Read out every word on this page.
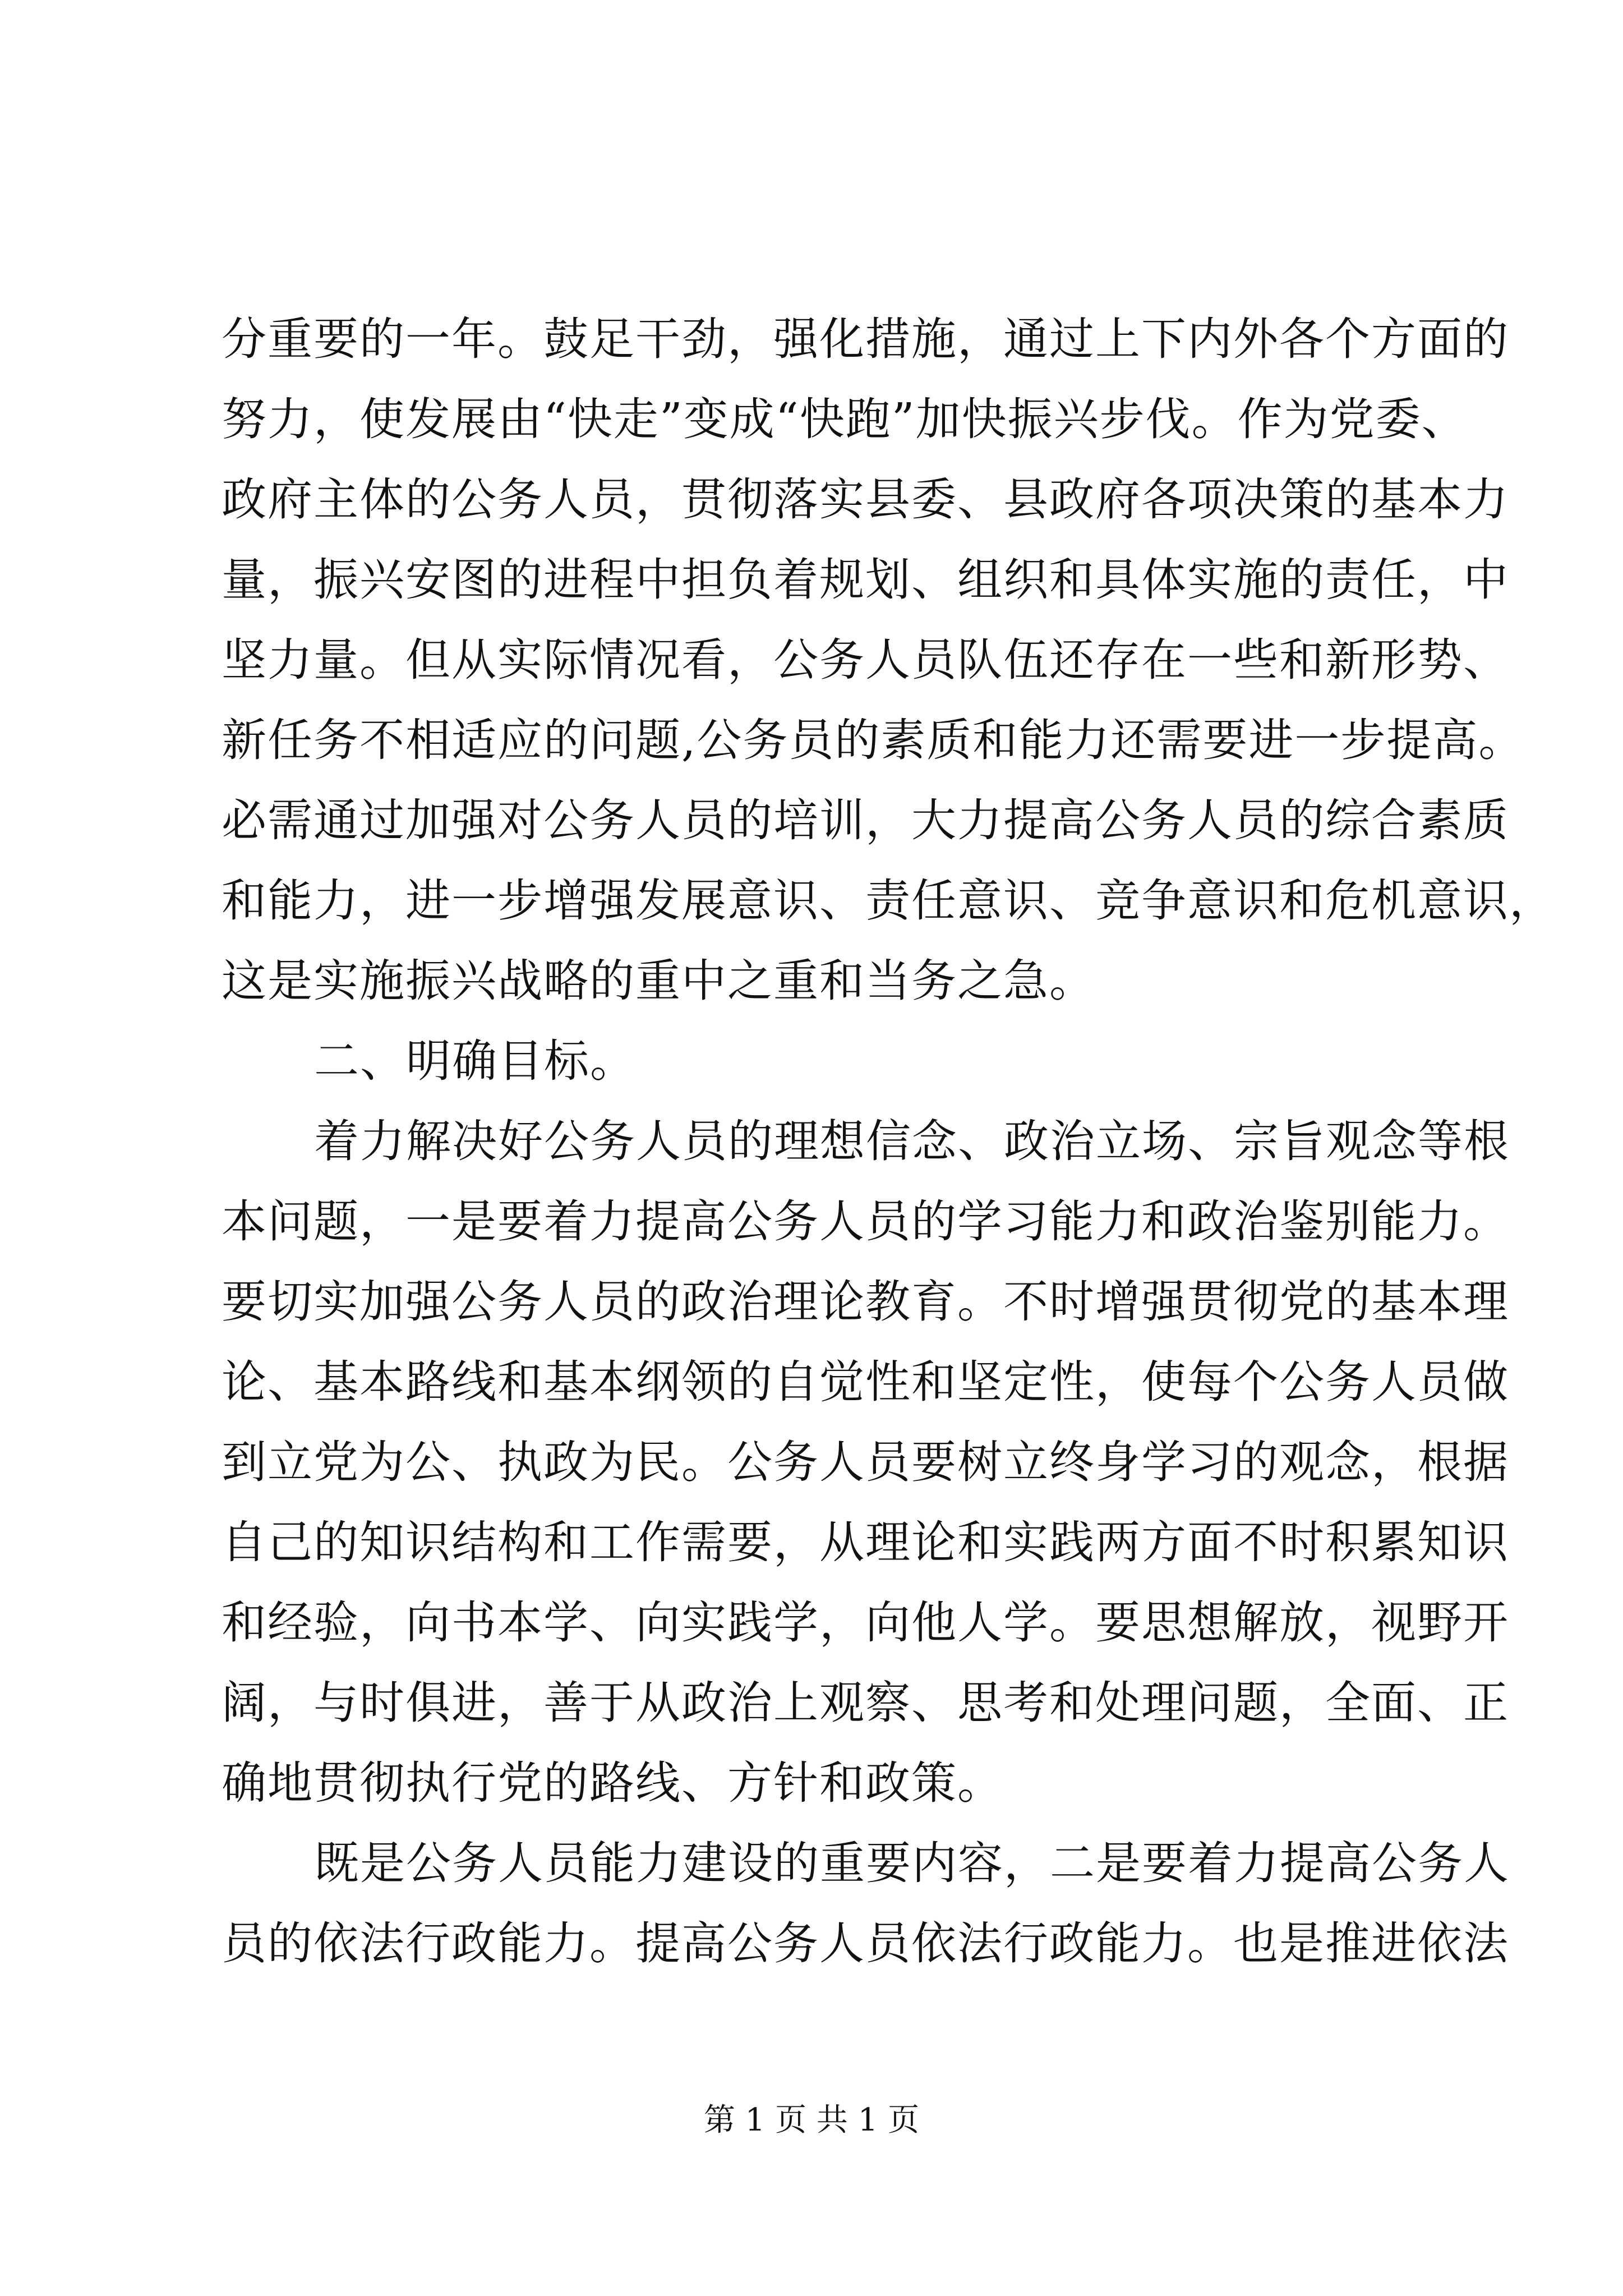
分重要的一年。鼓足干劲，强化措施，通过上下内外各个方面的
努力，使发展由“快走”变成“快跑”加快振兴步伐。作为党委、
政府主体的公务人员，贯彻落实县委、县政府各项决策的基本力
量，振兴安图的进程中担负着规划、组织和具体实施的责任，中
坚力量。但从实际情况看，公务人员队伍还存在一些和新形势、
新任务不相适应的问题,公务员的素质和能力还需要进一步提高。
必需通过加强对公务人员的培训，大力提高公务人员的综合素质
和能力，进一步增强发展意识、责任意识、竞争意识和危机意识，
这是实施振兴战略的重中之重和当务之急。
二、明确目标。
着力解决好公务人员的理想信念、政治立场、宗旨观念等根
本问题，一是要着力提高公务人员的学习能力和政治鉴别能力。
要切实加强公务人员的政治理论教育。不时增强贯彻党的基本理
论、基本路线和基本纲领的自觉性和坚定性，使每个公务人员做
到立党为公、执政为民。公务人员要树立终身学习的观念，根据
自己的知识结构和工作需要，从理论和实践两方面不时积累知识
和经验，向书本学、向实践学，向他人学。要思想解放，视野开
阔，与时俱进，善于从政治上观察、思考和处理问题，全面、正
确地贯彻执行党的路线、方针和政策。
既是公务人员能力建设的重要内容，二是要着力提高公务人
员的依法行政能力。提高公务人员依法行政能力。也是推进依法
第 1 页 共 1 页
